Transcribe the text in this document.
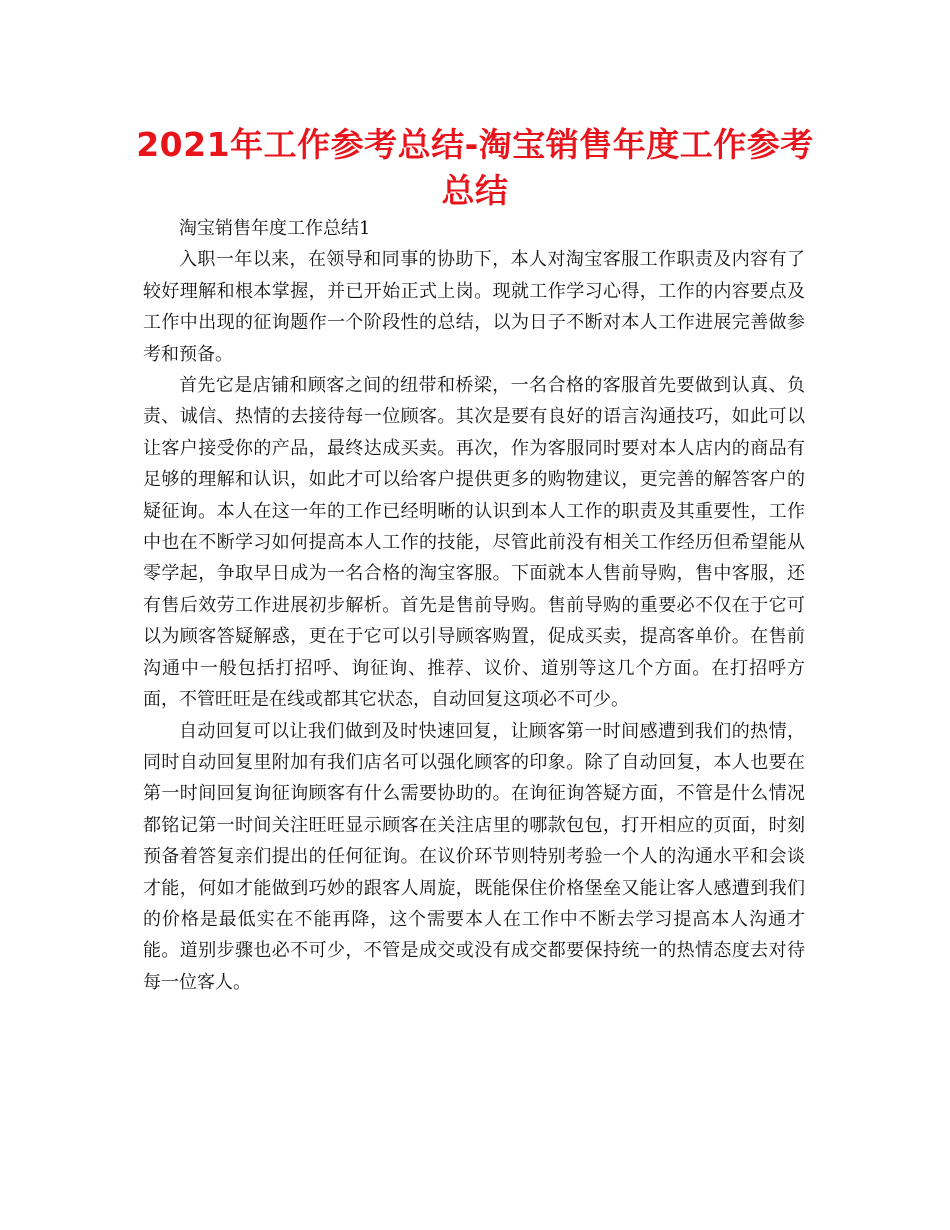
2021年工作参考总结-淘宝销售年度工作参考总结

淘宝销售年度工作总结1

入职一年以来，在领导和同事的协助下，本人对淘宝客服工作职责及内容有了较好理解和根本掌握，并已开始正式上岗。现就工作学习心得，工作的内容要点及工作中出现的征询题作一个阶段性的总结，以为日子不断对本人工作进展完善做参考和预备。

首先它是店铺和顾客之间的纽带和桥梁，一名合格的客服首先要做到认真、负责、诚信、热情的去接待每一位顾客。其次是要有良好的语言沟通技巧，如此可以让客户接受你的产品，最终达成买卖。再次，作为客服同时要对本人店内的商品有足够的理解和认识，如此才可以给客户提供更多的购物建议，更完善的解答客户的疑征询。本人在这一年的工作已经明晰的认识到本人工作的职责及其重要性，工作中也在不断学习如何提高本人工作的技能，尽管此前没有相关工作经历但希望能从零学起，争取早日成为一名合格的淘宝客服。下面就本人售前导购，售中客服，还有售后效劳工作进展初步解析。首先是售前导购。售前导购的重要必不仅在于它可以为顾客答疑解惑，更在于它可以引导顾客购置，促成买卖，提高客单价。在售前沟通中一般包括打招呼、询征询、推荐、议价、道别等这几个方面。在打招呼方面，不管旺旺是在线或都其它状态，自动回复这项必不可少。

自动回复可以让我们做到及时快速回复，让顾客第一时间感遭到我们的热情，同时自动回复里附加有我们店名可以强化顾客的印象。除了自动回复，本人也要在第一时间回复询征询顾客有什么需要协助的。在询征询答疑方面，不管是什么情况都铭记第一时间关注旺旺显示顾客在关注店里的哪款包包，打开相应的页面，时刻预备着答复亲们提出的任何征询。在议价环节则特别考验一个人的沟通水平和会谈才能，何如才能做到巧妙的跟客人周旋，既能保住价格堡垒又能让客人感遭到我们的价格是最低实在不能再降，这个需要本人在工作中不断去学习提高本人沟通才能。道别步骤也必不可少，不管是成交或没有成交都要保持统一的热情态度去对待每一位客人。
